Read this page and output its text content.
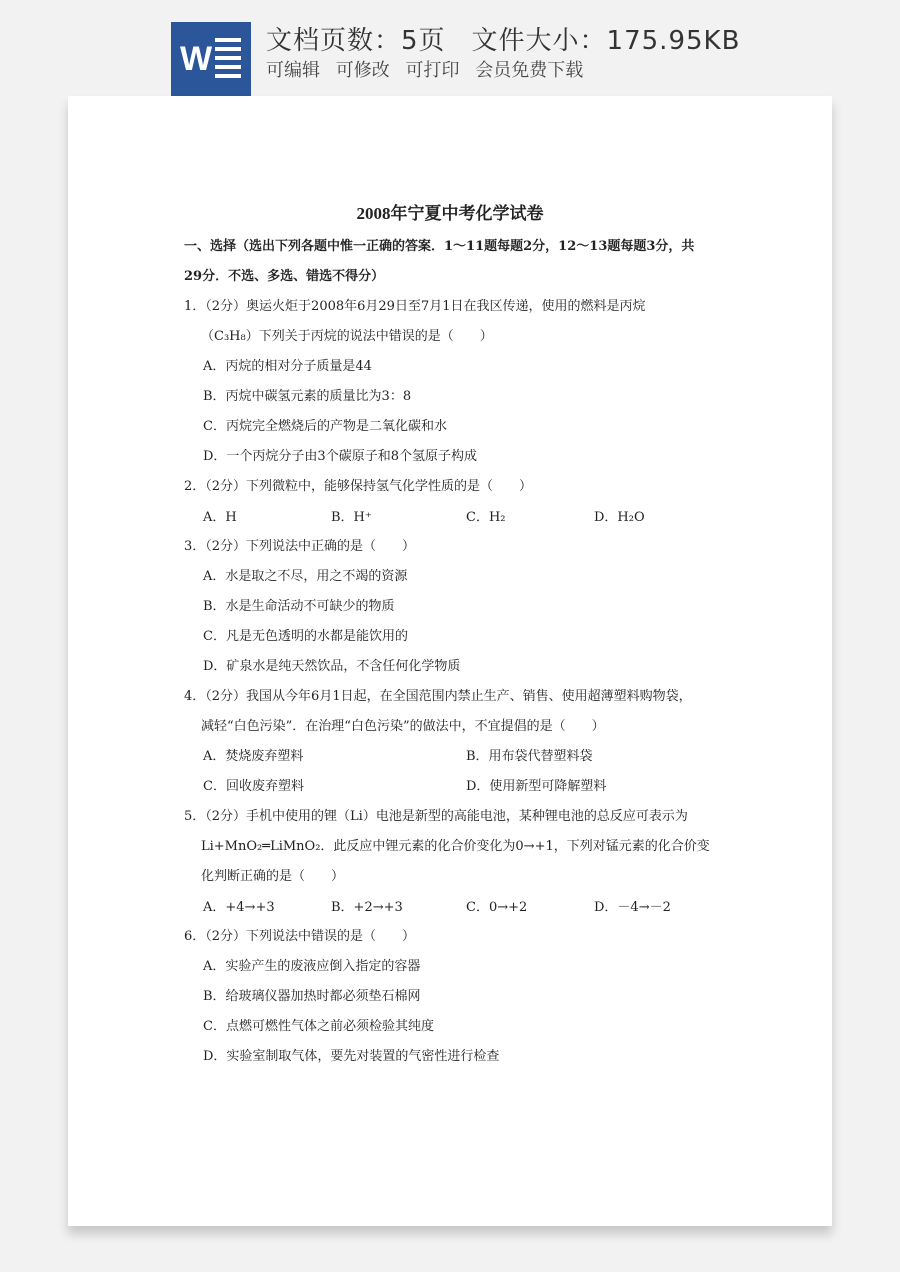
W 文档页数：5页 文件大小：175.95KB
可编辑 可修改 可打印 会员免费下载
2008年宁夏中考化学试卷
一、选择（选出下列各题中惟一正确的答案．1～11题每题2分，12～13题每题3分，共
29分．不选、多选、错选不得分）
1．（2分）奥运火炬于2008年6月29日至7月1日在我区传递，使用的燃料是丙烷
（C₃H₈）下列关于丙烷的说法中错误的是（　　）
A．丙烷的相对分子质量是44
B．丙烷中碳氢元素的质量比为3：8
C．丙烷完全燃烧后的产物是二氧化碳和水
D．一个丙烷分子由3个碳原子和8个氢原子构成
2．（2分）下列微粒中，能够保持氢气化学性质的是（　　）
A．H	B．H⁺	C．H₂	D．H₂O
3．（2分）下列说法中正确的是（　　）
A．水是取之不尽，用之不竭的资源
B．水是生命活动不可缺少的物质
C．凡是无色透明的水都是能饮用的
D．矿泉水是纯天然饮品，不含任何化学物质
4．（2分）我国从今年6月1日起，在全国范围内禁止生产、销售、使用超薄塑料购物袋，
减轻“白色污染”．在治理“白色污染”的做法中，不宜提倡的是（　　）
A．焚烧废弃塑料	B．用布袋代替塑料袋
C．回收废弃塑料	D．使用新型可降解塑料
5．（2分）手机中使用的锂（Li）电池是新型的高能电池，某种锂电池的总反应可表示为
Li+MnO₂═LiMnO₂．此反应中锂元素的化合价变化为0→+1，下列对锰元素的化合价变
化判断正确的是（　　）
A．+4→+3	B．+2→+3	C．0→+2	D．－4→－2
6．（2分）下列说法中错误的是（　　）
A．实验产生的废液应倒入指定的容器
B．给玻璃仪器加热时都必须垫石棉网
C．点燃可燃性气体之前必须检验其纯度
D．实验室制取气体，要先对装置的气密性进行检查
